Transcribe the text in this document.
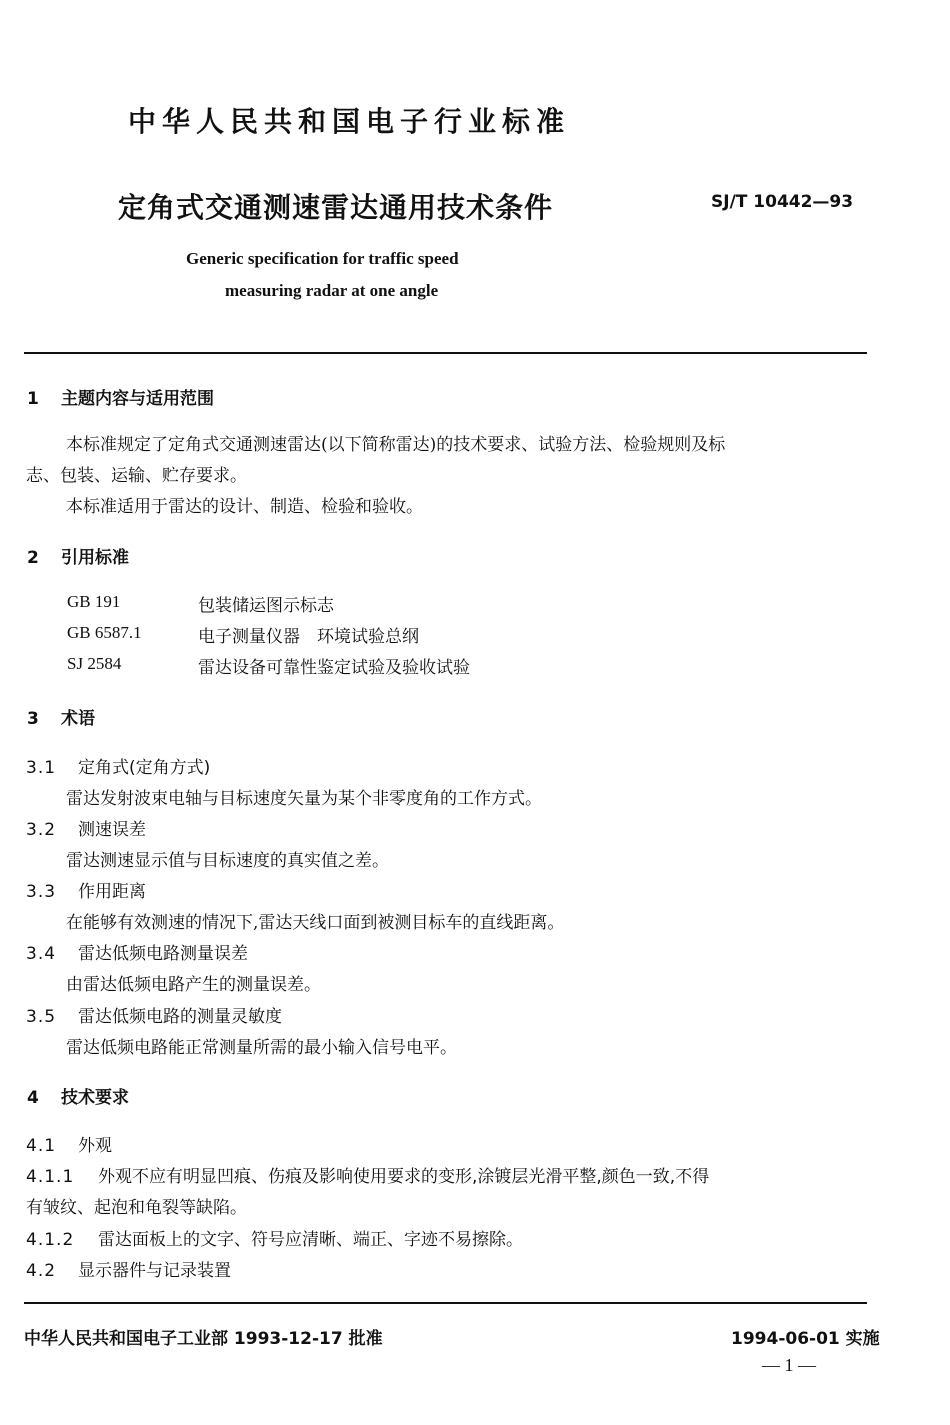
中华人民共和国电子行业标准
定角式交通测速雷达通用技术条件	SJ/T 10442—93
Generic specification for traffic speed
measuring radar at one angle
1 主题内容与适用范围
本标准规定了定角式交通测速雷达(以下简称雷达)的技术要求、试验方法、检验规则及标
志、包装、运输、贮存要求。
本标准适用于雷达的设计、制造、检验和验收。
2 引用标准
GB 191	包装储运图示标志
GB 6587.1	电子测量仪器　环境试验总纲
SJ 2584	雷达设备可靠性鉴定试验及验收试验
3 术语
3.1 定角式(定角方式)
雷达发射波束电轴与目标速度矢量为某个非零度角的工作方式。
3.2 测速误差
雷达测速显示值与目标速度的真实值之差。
3.3 作用距离
在能够有效测速的情况下,雷达天线口面到被测目标车的直线距离。
3.4 雷达低频电路测量误差
由雷达低频电路产生的测量误差。
3.5 雷达低频电路的测量灵敏度
雷达低频电路能正常测量所需的最小输入信号电平。
4 技术要求
4.1 外观
4.1.1 外观不应有明显凹痕、伤痕及影响使用要求的变形,涂镀层光滑平整,颜色一致,不得
有皱纹、起泡和龟裂等缺陷。
4.1.2 雷达面板上的文字、符号应清晰、端正、字迹不易擦除。
4.2 显示器件与记录装置
中华人民共和国电子工业部 1993-12-17 批准	1994-06-01 实施
— 1 —
